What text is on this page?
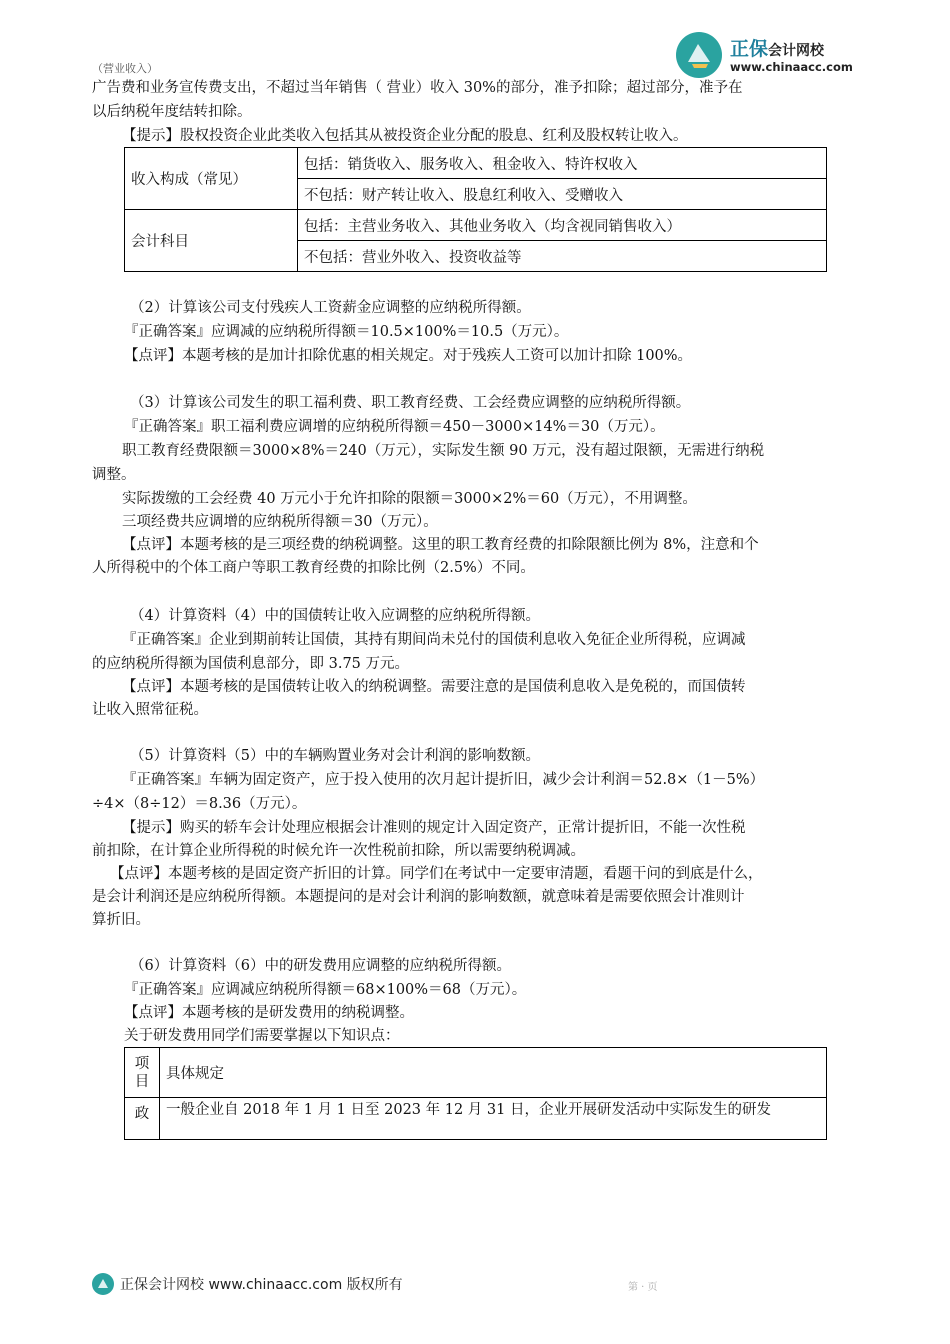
（营业收入）
正保会计网校
www.chinaacc.com
广告费和业务宣传费支出，不超过当年销售（ 营业）收入 30%的部分，准予扣除；超过部分，准予在
以后纳税年度结转扣除。
【提示】股权投资企业此类收入包括其从被投资企业分配的股息、红利及股权转让收入。
收入构成（常见）	包括：销货收入、服务收入、租金收入、特许权收入
	不包括：财产转让收入、股息红利收入、受赠收入
会计科目	包括：主营业务收入、其他业务收入（均含视同销售收入）
	不包括：营业外收入、投资收益等
（2）计算该公司支付残疾人工资薪金应调整的应纳税所得额。
『正确答案』应调减的应纳税所得额＝10.5×100%＝10.5（万元）。
【点评】本题考核的是加计扣除优惠的相关规定。对于残疾人工资可以加计扣除 100%。
（3）计算该公司发生的职工福利费、职工教育经费、工会经费应调整的应纳税所得额。
『正确答案』职工福利费应调增的应纳税所得额＝450－3000×14%＝30（万元）。
职工教育经费限额＝3000×8%＝240（万元），实际发生额 90 万元，没有超过限额，无需进行纳税
调整。
实际拨缴的工会经费 40 万元小于允许扣除的限额＝3000×2%＝60（万元），不用调整。
三项经费共应调增的应纳税所得额＝30（万元）。
【点评】本题考核的是三项经费的纳税调整。这里的职工教育经费的扣除限额比例为 8%，注意和个
人所得税中的个体工商户等职工教育经费的扣除比例（2.5%）不同。
（4）计算资料（4）中的国债转让收入应调整的应纳税所得额。
『正确答案』企业到期前转让国债，其持有期间尚未兑付的国债利息收入免征企业所得税，应调减
的应纳税所得额为国债利息部分，即 3.75 万元。
【点评】本题考核的是国债转让收入的纳税调整。需要注意的是国债利息收入是免税的，而国债转
让收入照常征税。
（5）计算资料（5）中的车辆购置业务对会计利润的影响数额。
『正确答案』车辆为固定资产，应于投入使用的次月起计提折旧，减少会计利润＝52.8×（1－5%）
÷4×（8÷12）＝8.36（万元）。
【提示】购买的轿车会计处理应根据会计准则的规定计入固定资产，正常计提折旧，不能一次性税
前扣除，在计算企业所得税的时候允许一次性税前扣除，所以需要纳税调减。
【点评】本题考核的是固定资产折旧的计算。同学们在考试中一定要审清题，看题干问的到底是什么，
是会计利润还是应纳税所得额。本题提问的是对会计利润的影响数额，就意味着是需要依照会计准则计
算折旧。
（6）计算资料（6）中的研发费用应调整的应纳税所得额。
『正确答案』应调减应纳税所得额＝68×100%＝68（万元）。
【点评】本题考核的是研发费用的纳税调整。
关于研发费用同学们需要掌握以下知识点：
项目	具体规定
政	一般企业自 2018 年 1 月 1 日至 2023 年 12 月 31 日，企业开展研发活动中实际发生的研发
正保会计网校 www.chinaacc.com 版权所有	第 · 页
